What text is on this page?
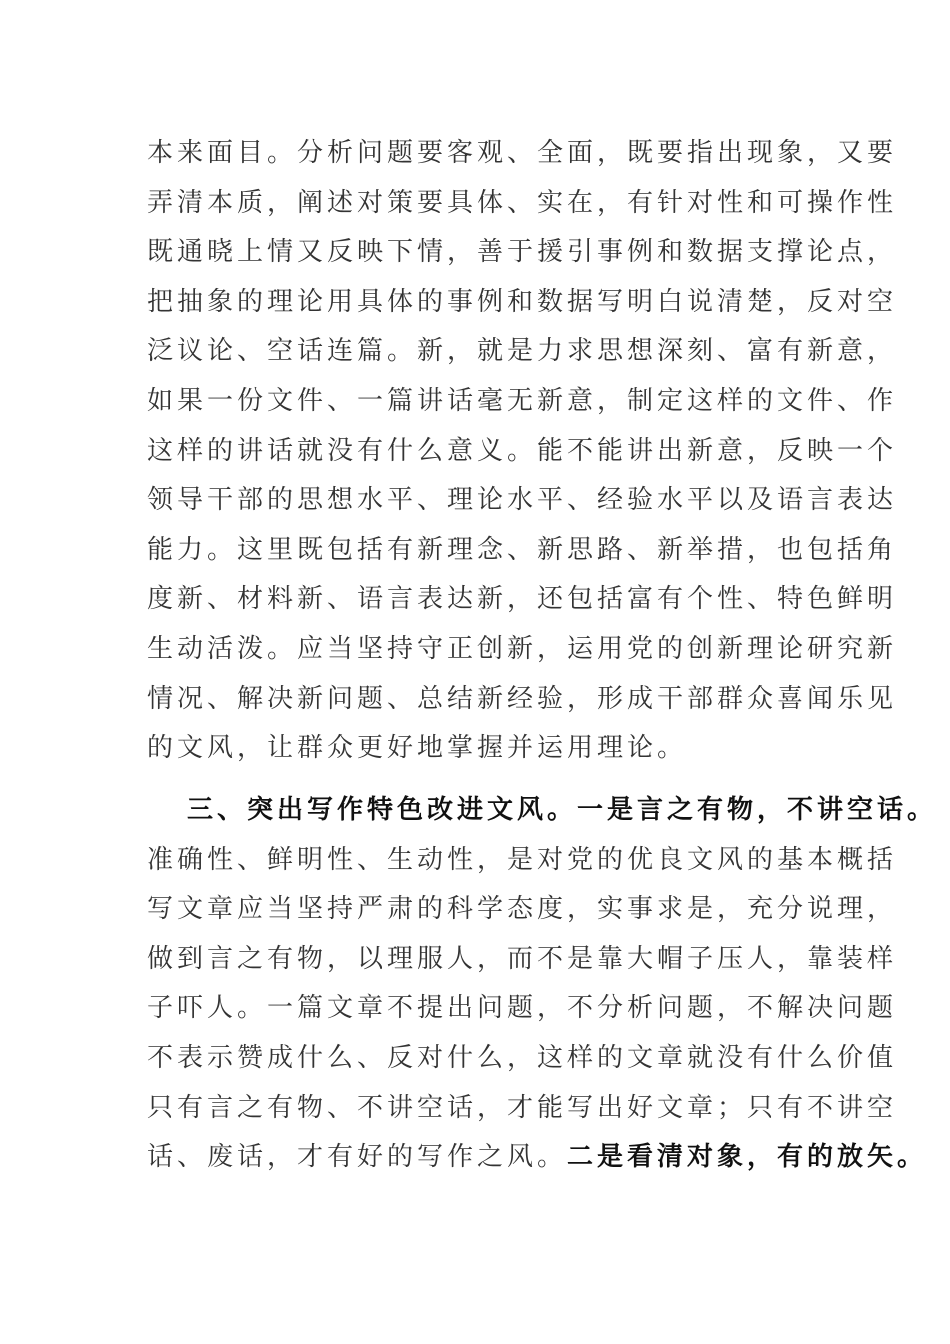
本来面目。分析问题要客观、全面，既要指出现象，又要
弄清本质，阐述对策要具体、实在，有针对性和可操作性
既通晓上情又反映下情，善于援引事例和数据支撑论点，
把抽象的理论用具体的事例和数据写明白说清楚，反对空
泛议论、空话连篇。新，就是力求思想深刻、富有新意，
如果一份文件、一篇讲话毫无新意，制定这样的文件、作
这样的讲话就没有什么意义。能不能讲出新意，反映一个
领导干部的思想水平、理论水平、经验水平以及语言表达
能力。这里既包括有新理念、新思路、新举措，也包括角
度新、材料新、语言表达新，还包括富有个性、特色鲜明
生动活泼。应当坚持守正创新，运用党的创新理论研究新
情况、解决新问题、总结新经验，形成干部群众喜闻乐见
的文风，让群众更好地掌握并运用理论。
三、突出写作特色改进文风。一是言之有物，不讲空话。
准确性、鲜明性、生动性，是对党的优良文风的基本概括
写文章应当坚持严肃的科学态度，实事求是，充分说理，
做到言之有物，以理服人，而不是靠大帽子压人，靠装样
子吓人。一篇文章不提出问题，不分析问题，不解决问题
不表示赞成什么、反对什么，这样的文章就没有什么价值
只有言之有物、不讲空话，才能写出好文章；只有不讲空
话、废话，才有好的写作之风。二是看清对象，有的放矢。
